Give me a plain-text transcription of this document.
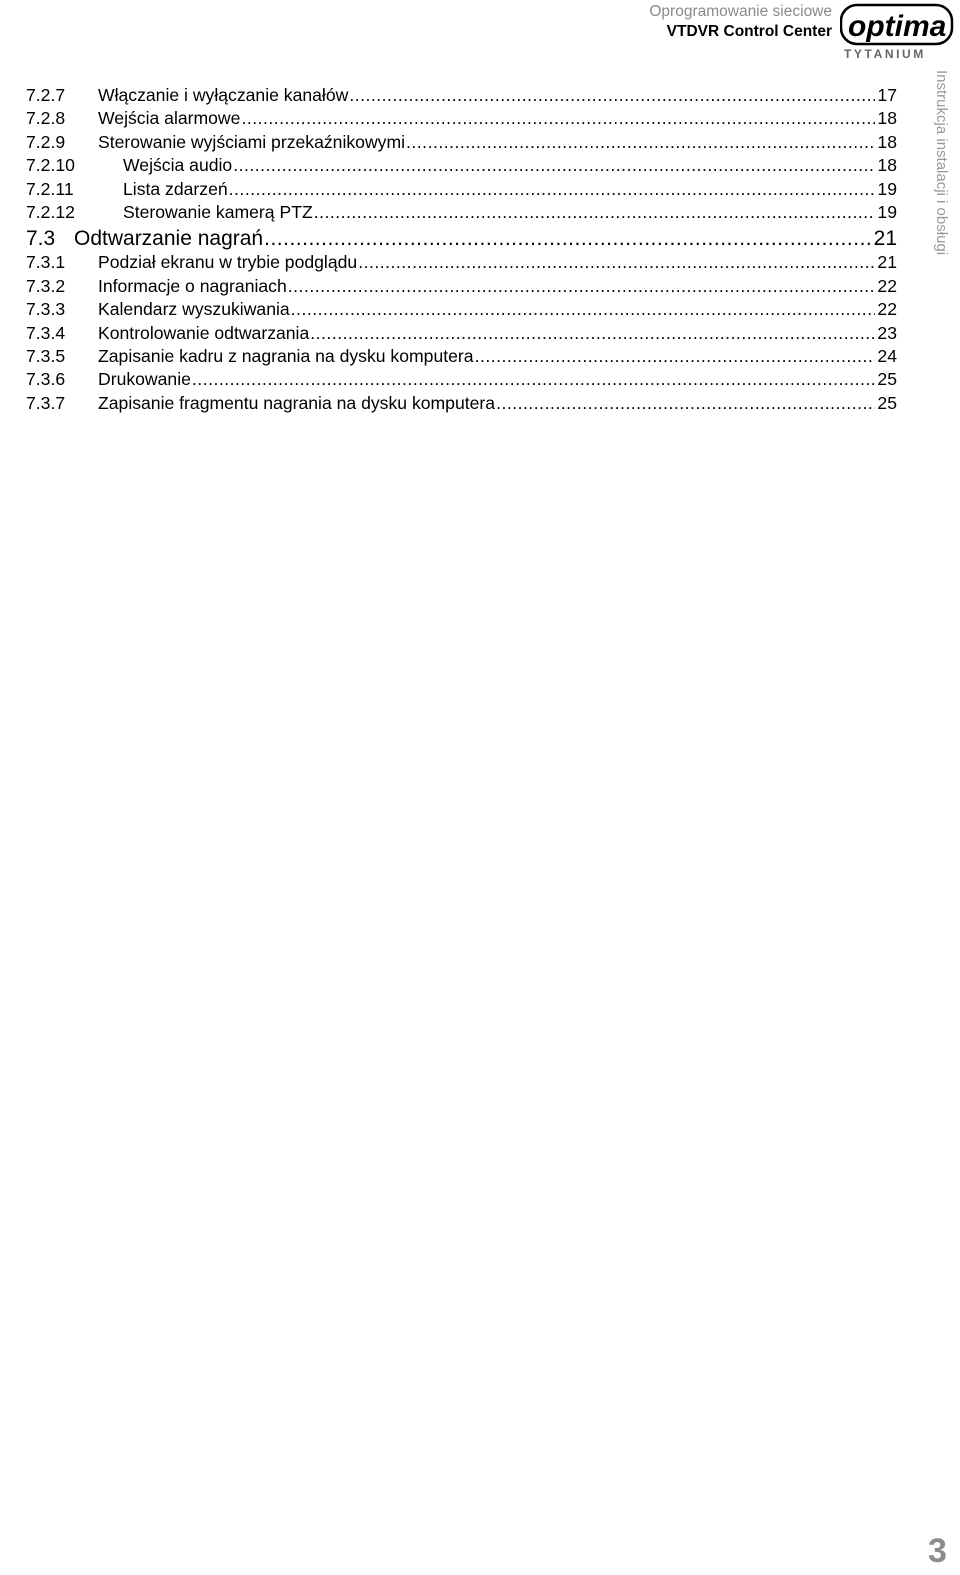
Oprogramowanie sieciowe
VTDVR Control Center optima
TYTANIUM
7.2.7	Włączanie i wyłączanie kanałów .....	17
7.2.8	Wejścia alarmowe .....	18
7.2.9	Sterowanie wyjściami przekaźnikowymi .....	18
7.2.10	Wejścia audio .....	18
7.2.11	Lista zdarzeń .....	19
7.2.12	Sterowanie kamerą PTZ .....	19
7.3 Odtwarzanie nagrań .....	21
7.3.1	Podział ekranu w trybie podglądu .....	21
7.3.2	Informacje o nagraniach .....	22
7.3.3	Kalendarz wyszukiwania .....	22
7.3.4	Kontrolowanie odtwarzania .....	23
7.3.5	Zapisanie kadru z nagrania na dysku komputera .....	24
7.3.6	Drukowanie .....	25
7.3.7	Zapisanie fragmentu nagrania na dysku komputera .....	25
Instrukcja instalacji i obsługi
3
